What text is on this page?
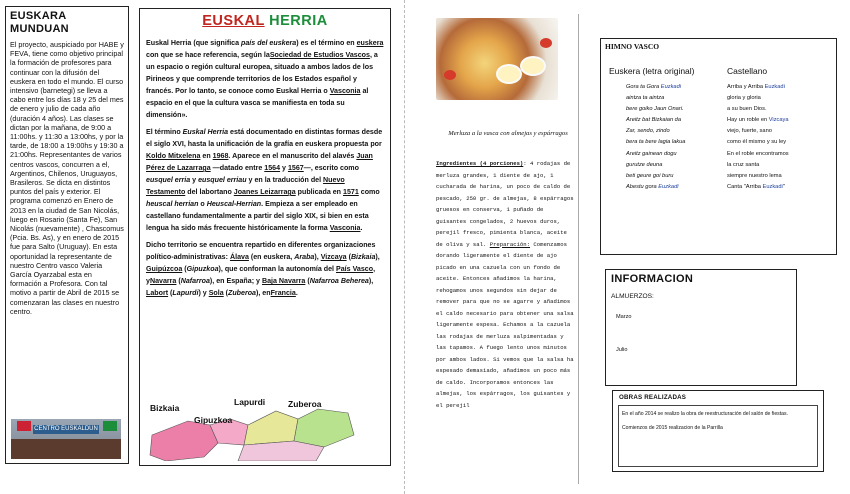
EUSKARA MUNDUAN
El proyecto, auspiciado por HABE y FEVA, tiene como objetivo principal la formación de profesores para continuar con la difusión del euskera en todo el mundo. El curso intensivo (barnetegi) se lleva a cabo entre los días 18 y 25 del mes de enero y julio de cada año (duración 4 años). Las clases se dictan por la mañana, de 9:00 a 11:00hs. y 11:30 a 13:00hs, y por la tarde, de 18:00 a 19:00hs y 19:30 a 21:00hs. Representantes de varios centros vascos, concurren a el, Argentinos, Chilenos, Uruguayos, Brasileros. Se dicta en distintos puntos del país y exterior. El programa comenzó en Enero de 2013 en la ciudad de San Nicolás, luego en Rosario (Santa Fe), San Nicolás (nuevamente) , Chascomus (Pcia. Bs. As), y en enero de 2015 fue para Salto (Uruguay). En esta oportunidad la representante de nuestro Centro vasco Valeria García Oyarzabal esta en formación a Profesora. Con tal motivo a partir de Abril de 2015 se comenzaran las clases en nuestro centro.
CENTRO EUSKALDUN
EUSKAL HERRIA

Euskal Herria (que significa país del euskera) es el término en euskera con que se hace referencia, según laSociedad de Estudios Vascos, a un espacio o región cultural europea, situado a ambos lados de los Pirineos y que comprende territorios de los Estados español y francés. Por lo tanto, se conoce como Euskal Herria o Vasconia al espacio en el que la cultura vasca se manifiesta en toda su dimensión».

El término Euskal Herria está documentado en distintas formas desde el siglo XVI, hasta la unificación de la grafía en euskera propuesta por Koldo Mitxelena en 1968. Aparece en el manuscrito del alavés Juan Pérez de Lazarraga —datado entre 1564 y 1567—, escrito como eusquel erria y eusquel erriau y en la traducción del Nuevo Testamento del labortano Joanes Leizarraga publicada en 1571 como heuscal herrian o Heuscal-Herrian. Empieza a ser empleado en castellano fundamentalmente a partir del siglo XIX, si bien en esta lengua ha sido más frecuente históricamente la forma Vasconia.

Dicho territorio se encuentra repartido en diferentes organizaciones político-administrativas: Álava (en euskera, Araba), Vizcaya (Bizkaia), Guipúzcoa (Gipuzkoa), que conforman la autonomía del País Vasco, yNavarra (Nafarroa), en España; y Baja Navarra (Nafarroa Beherea), Labort (Lapurdi) y Sola (Zuberoa), enFrancia.

Bizkaia
Gipuzkoa
Lapurdi	Zuberoa
Merluza a la vasca con almejas y espárragos
Ingredientes (4 porciones): 4 rodajas de merluza grandes, 1 diente de ajo, 1 cucharada de harina, un poco de caldo de pescado, 250 gr. de almejas, 8 espárragos gruesos en conserva, 1 puñado de guisantes congelados, 2 huevos duros, perejil fresco, pimienta blanca, aceite de oliva y sal. Preparación: Comenzamos dorando ligeramente el diente de ajo picado en una cazuela con un fondo de aceite. Entonces añadimos la harina, rehogamos unos segundos sin dejar de remover para que no se agarre y añadimos el caldo necesario para obtener una salsa ligeramente espesa. Echamos a la cazuela las rodajas de merluza salpimentadas y las tapamos. A fuego lento unos minutos por ambos lados. Si vemos que la salsa ha espesado demasiado, añadimos un poco más de caldo. Incorporamos entonces las almejas, los espárragos, los guisantes y el perejil
HIMNO VASCO
Euskera (letra original)
Gora ta Gora Euzkadi
aintza ta aintza
bere goiko Jaun Onari.
Areitz bat Bizkaian da
Zar, sendo, zindo
bera ta bere lagia lakua
Areitz gainean dogu
gurutze deuna
beti geure goi buru
Abestu gora Euzkadi
Castellano
Arriba y Arriba Euzkadi
gloria y gloria
a su buen Dios.
Hay un roble en Vizcaya
viejo, fuerte, sano
como él mismo y su ley
En el roble encontramos
la cruz santa
siempre nuestro lema
Canta "Arriba Euzkadi"
INFORMACION
ALMUERZOS:
Marzo
Julio
OBRAS REALIZADAS
En el año 2014 se realizo la obra de reestructuración del salón de fiestas.
Comienzos de 2015 realizacion de la Parrilla
